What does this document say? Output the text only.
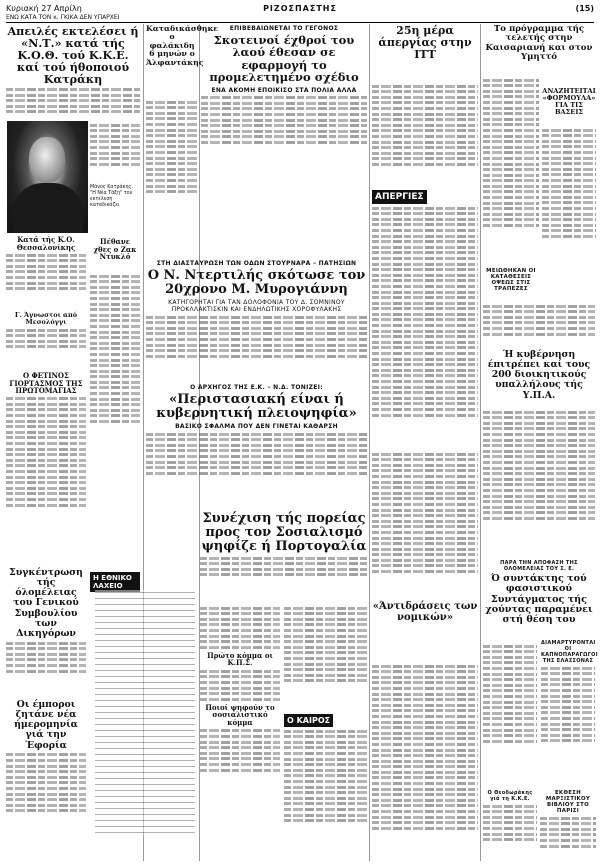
Κυριακή 27 Απρίλη	ΡΙΖΟΣΠΑΣΤΗΣ	(15)
ΕΝΩ ΚΑΤΑ ΤΟΝ κ. ΓΚΙΚΑ ΔΕΝ ΥΠΑΡΧΕΙ
Απειλές εκτελέσει ή «Ν.Τ.» κατά τής Κ.Ο.Θ. τού Κ.Κ.Ε. καί τού ήθοποιού Κατράκη
Μάνος Κατράκης. "Η Νέα Τάξη" τον εκτέλεση καταδικάζει
Κατά τής Κ.Ο. Θεσσαλονίκης
Πέθανε χθες ο Ζακ Ντυκλό
Γ. Άγνωστοι από Μεσολόγγι
Ο ΦΕΤΙΝΟΣ ΓΙΟΡΤΑΣΜΟΣ ΤΗΣ ΠΡΩΤΟΜΑΓΙΑΣ
Συγκέντρωση τής όλομέλειας του Γενικού Συμβουλίου των Δικηγόρων
Οι έμποροι ζητάνε νέα ήμερομηνία γιά την Έφορία
Η ΕΘΝΙΚΟ ΛΑΧΕΙΟ
Καταδικάσθηκε ο φαλάκιδη 6 μηνών ο Άλφαντάκης
ΕΠΙΒΕΒΑΙΩΝΕΤΑΙ ΤΟ ΓΕΓΟΝΟΣ
Σκοτεινοί έχθροί του λαού έθεσαν σε εφαρμογή το προμελετημένο σχέδιο
ΕΝΑ ΑΚΟΜΗ ΕΠΟΙΚΙΣΟ ΣΤΑ ΠΟΛΙΑ ΑΛΛΑ
ΣΤΗ ΔΙΑΣΤΑΥΡΩΣΗ ΤΩΝ ΟΔΩΝ ΣΤΟΥΡΝΑΡΑ – ΠΑΤΗΣΙΩΝ
Ο Ν. Ντερτιλής σκότωσε τον 20χρονο Μ. Μυρογιάννη
ΚΑΤΗΓΟΡΗΤΑΙ ΓΙΑ ΤΑΝ ΔΟΛΟΦΟΝΙΑ ΤΟΥ Δ. ΣΟΜΝΙΝΟΥ ΠΡΟΚΛΛΑΚΤΙΣΚΙΝ ΚΑΙ ΕΝΔΗΛΩΤΙΚΗΣ ΧΟΡΟΦΥΛΑΚΗΣ
Ο ΑΡΧΗΓΟΣ ΤΗΣ Ε.Κ. – Ν.Δ. ΤΟΝΙΖΕΙ:
«Περιστασιακή είναι ή κυβερνητική πλειοψηφία»
ΒΑΣΙΚΟ ΣΦΑΛΜΑ ΠΟΥ ΔΕΝ ΓΙΝΕΤΑΙ ΚΑΘΑΡΣΗ
Συνέχιση τής πορείας προς τον Σοσιαλισμό ψηφίζε ή Πορτογαλία
Πρώτο κόμμα οι Κ.Π.Σ.
Ποιοί ψηφούν το σοσιαλιστικό κόμμα	Ο ΚΑΙΡΟΣ
25η μέρα άπεργίας στην ΙΤΤ
ΑΠΕΡΓΙΕΣ
«Άντιδράσεις των νομικών»
Το πρόγραμμα τής τελετής στην Καισαριανή και στον Υμηττό
ΑΝΑΖΗΤΕΙΤΑΙ «ΦΟΡΜΟΥΛΑ» ΓΙΑ ΤΙΣ ΒΑΣΕΙΣ
ΜΕΙΩΘΗΚΑΝ ΟΙ ΚΑΤΑΘΕΣΕΙΣ ΟΨΕΩΣ ΣΤΙΣ ΤΡΑΠΕΖΕΣ
Ή κυβέρνηση έπιτρέπει καί τους 200 διοικητικούς υπαλλήλους τής Υ.Π.Α.
ΠΑΡΑ ΤΗΝ ΑΠΟΦΑΣΗ ΤΗΣ ΟΛΟΜΕΛΕΙΑΣ ΤΟΥ Σ. Ε.
Ό συντάκτης τού φασιστικού Συντάγματος τής χούντας παραμένει στή θέση του
ΔΙΑΜΑΡΤΥΡΟΝΤΑΙ ΟΙ ΚΑΠΝΟΠΑΡΑΓΩΓΟΙ ΤΗΣ ΕΛΑΣΣΟΝΑΣ
ΕΚΘΕΣΗ ΜΑΡΞΙΣΤΙΚΟΥ ΒΙΒΛΙΟΥ ΣΤΟ ΠΑΡΙΣΙ
Ο Θεοδωράκης γιά τη Κ.Κ.Ε.
